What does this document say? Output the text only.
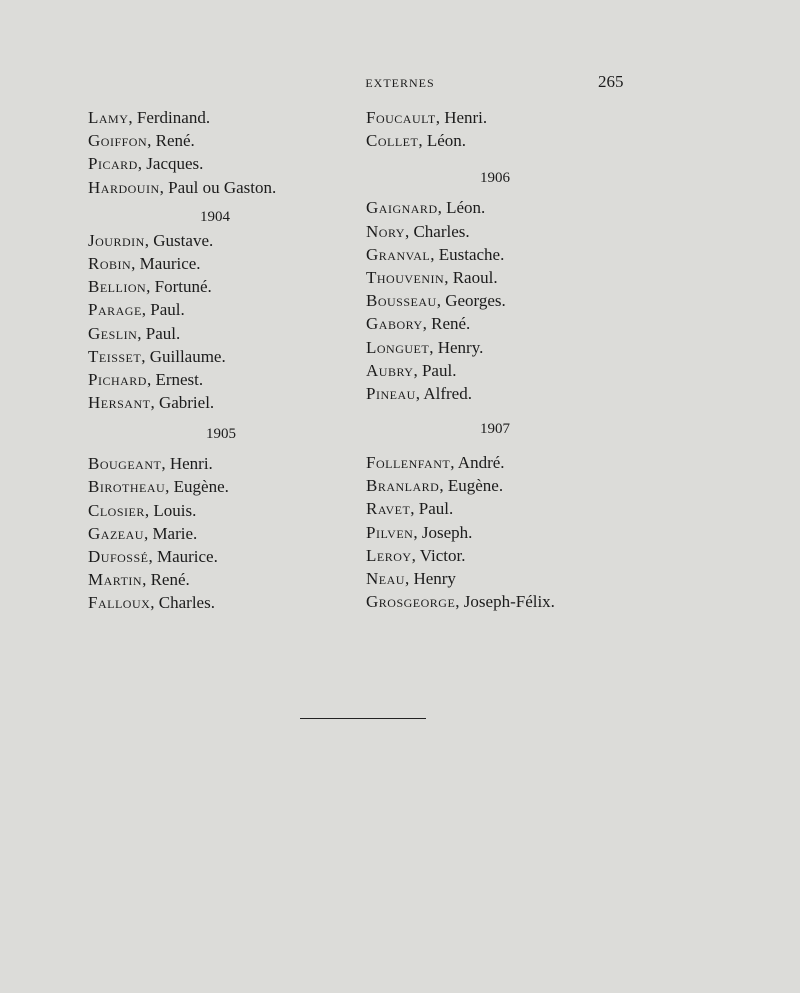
EXTERNES	265
Lamy, Ferdinand.
Goiffon, René.
Picard, Jacques.
Hardouin, Paul ou Gaston.
1904
Jourdin, Gustave.
Robin, Maurice.
Bellion, Fortuné.
Parage, Paul.
Geslin, Paul.
Teisset, Guillaume.
Pichard, Ernest.
Hersant, Gabriel.
1905
Bougeant, Henri.
Birotheau, Eugène.
Closier, Louis.
Gazeau, Marie.
Dufossé, Maurice.
Martin, René.
Falloux, Charles.
Foucault, Henri.
Collet, Léon.
1906
Gaignard, Léon.
Nory, Charles.
Granval, Eustache.
Thouvenin, Raoul.
Bousseau, Georges.
Gabory, René.
Longuet, Henry.
Aubry, Paul.
Pineau, Alfred.
1907
Follenfant, André.
Branlard, Eugène.
Ravet, Paul.
Pilven, Joseph.
Leroy, Victor.
Neau, Henry
Grosgeorge, Joseph-Félix.
